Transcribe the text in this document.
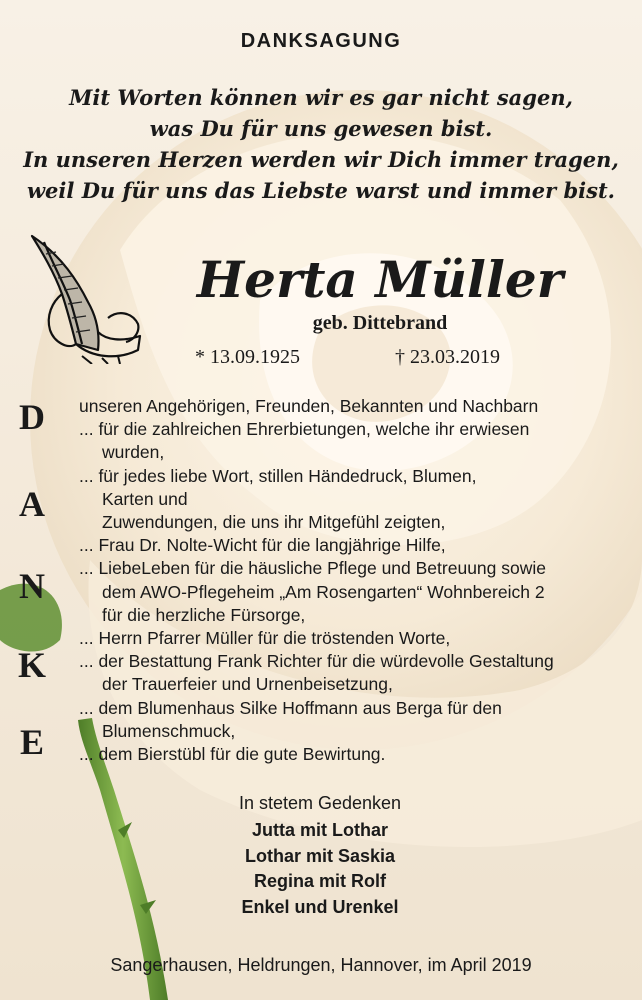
DANKSAGUNG
Mit Worten können wir es gar nicht sagen,
was Du für uns gewesen bist.
In unseren Herzen werden wir Dich immer tragen,
weil Du für uns das Liebste warst und immer bist.
Herta Müller
geb. Dittebrand
* 13.09.1925	† 23.03.2019
D
A
N
K
E
unseren Angehörigen, Freunden, Bekannten und Nachbarn
... für die zahlreichen Ehrerbietungen, welche ihr erwiesen
wurden,
... für jedes liebe Wort, stillen Händedruck, Blumen,
Karten und
Zuwendungen, die uns ihr Mitgefühl zeigten,
... Frau Dr. Nolte-Wicht für die langjährige Hilfe,
... LiebeLeben für die häusliche Pflege und Betreuung sowie
dem AWO-Pflegeheim „Am Rosengarten“ Wohnbereich 2
für die herzliche Fürsorge,
... Herrn Pfarrer Müller für die tröstenden Worte,
... der Bestattung Frank Richter für die würdevolle Gestaltung
der Trauerfeier und Urnenbeisetzung,
... dem Blumenhaus Silke Hoffmann aus Berga für den
Blumenschmuck,
... dem Bierstübl für die gute Bewirtung.
In stetem Gedenken
Jutta mit Lothar
Lothar mit Saskia
Regina mit Rolf
Enkel und Urenkel
Sangerhausen, Heldrungen, Hannover, im April 2019
